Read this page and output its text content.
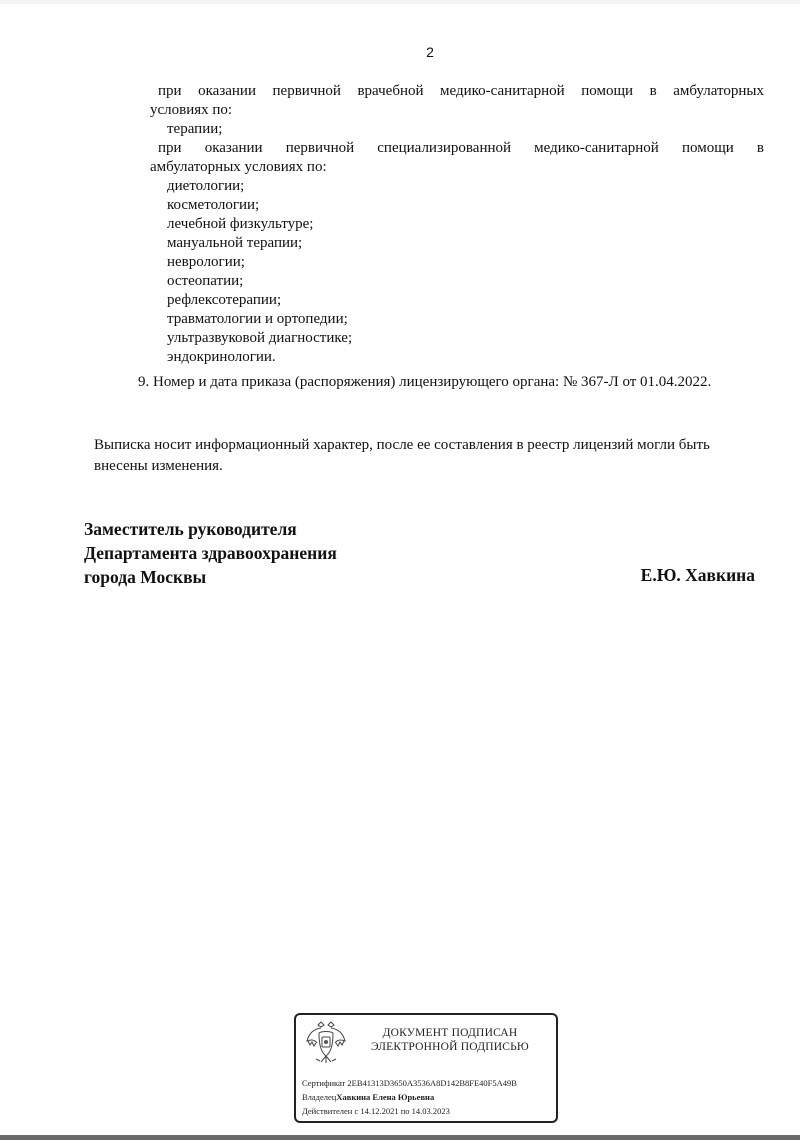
2
при оказании первичной врачебной медико-санитарной помощи в амбулаторных
условиях по:
терапии;
при оказании первичной специализированной медико-санитарной помощи в
амбулаторных условиях по:
диетологии;
косметологии;
лечебной физкультуре;
мануальной терапии;
неврологии;
остеопатии;
рефлексотерапии;
травматологии и ортопедии;
ультразвуковой диагностике;
эндокринологии.
9. Номер и дата приказа (распоряжения) лицензирующего органа: № 367-Л от 01.04.2022.
Выписка носит информационный характер, после ее составления в реестр лицензий могли быть
внесены изменения.
Заместитель руководителя
Департамента здравоохранения
города Москвы	Е.Ю. Хавкина
ДОКУМЕНТ ПОДПИСАН
ЭЛЕКТРОННОЙ ПОДПИСЬЮ
Сертификат 2EB41313D3650A3536A8D142B8FE40F5A49B
ВладелецХавкина Елена Юрьевна
Действителен с 14.12.2021 по 14.03.2023
